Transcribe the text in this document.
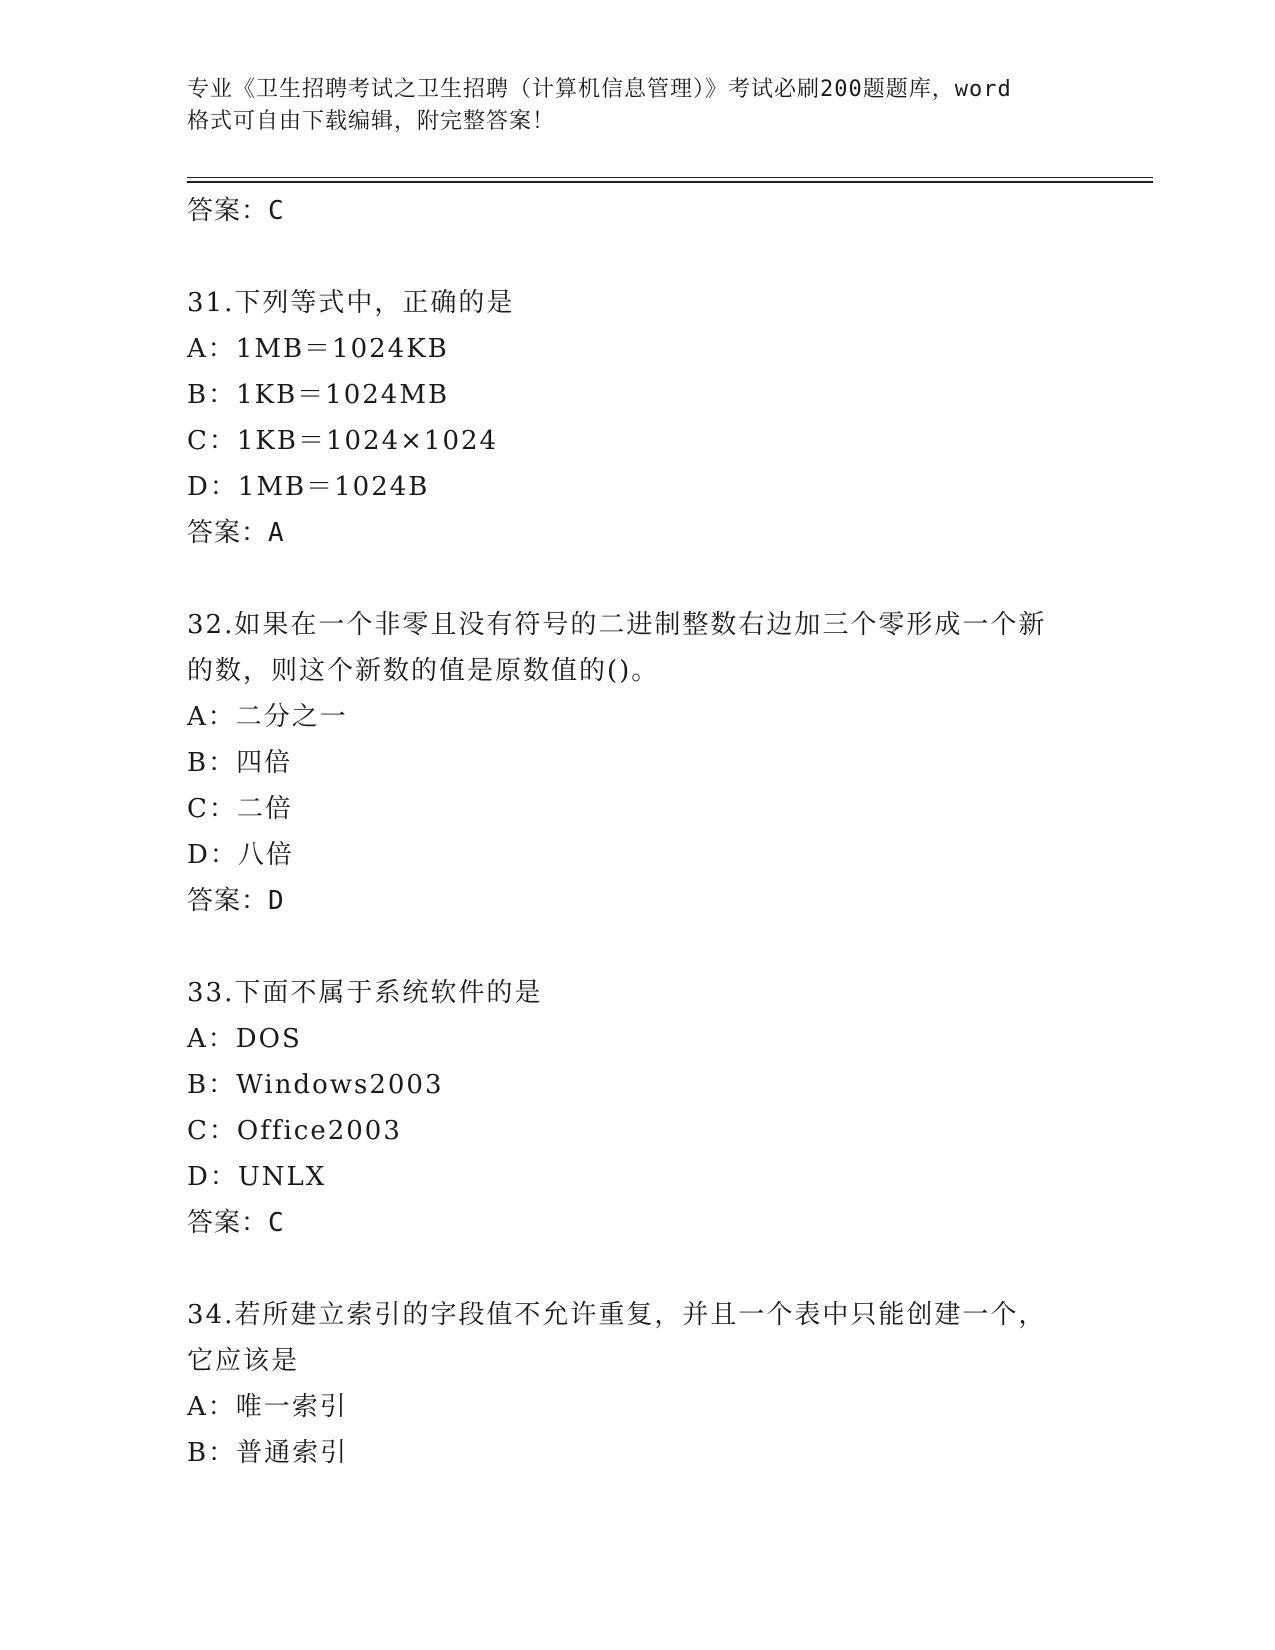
专业《卫生招聘考试之卫生招聘（计算机信息管理）》考试必刷200题题库，word
格式可自由下载编辑，附完整答案！
答案：C
31.下列等式中，正确的是
A：1MB＝1024KB
B：1KB＝1024MB
C：1KB＝1024×1024
D：1MB＝1024B
答案：A
32.如果在一个非零且没有符号的二进制整数右边加三个零形成一个新的数，则这个新数的值是原数值的()。
A：二分之一
B：四倍
C：二倍
D：八倍
答案：D
33.下面不属于系统软件的是
A：DOS
B：Windows2003
C：Office2003
D：UNLX
答案：C
34.若所建立索引的字段值不允许重复，并且一个表中只能创建一个，它应该是
A：唯一索引
B：普通索引
